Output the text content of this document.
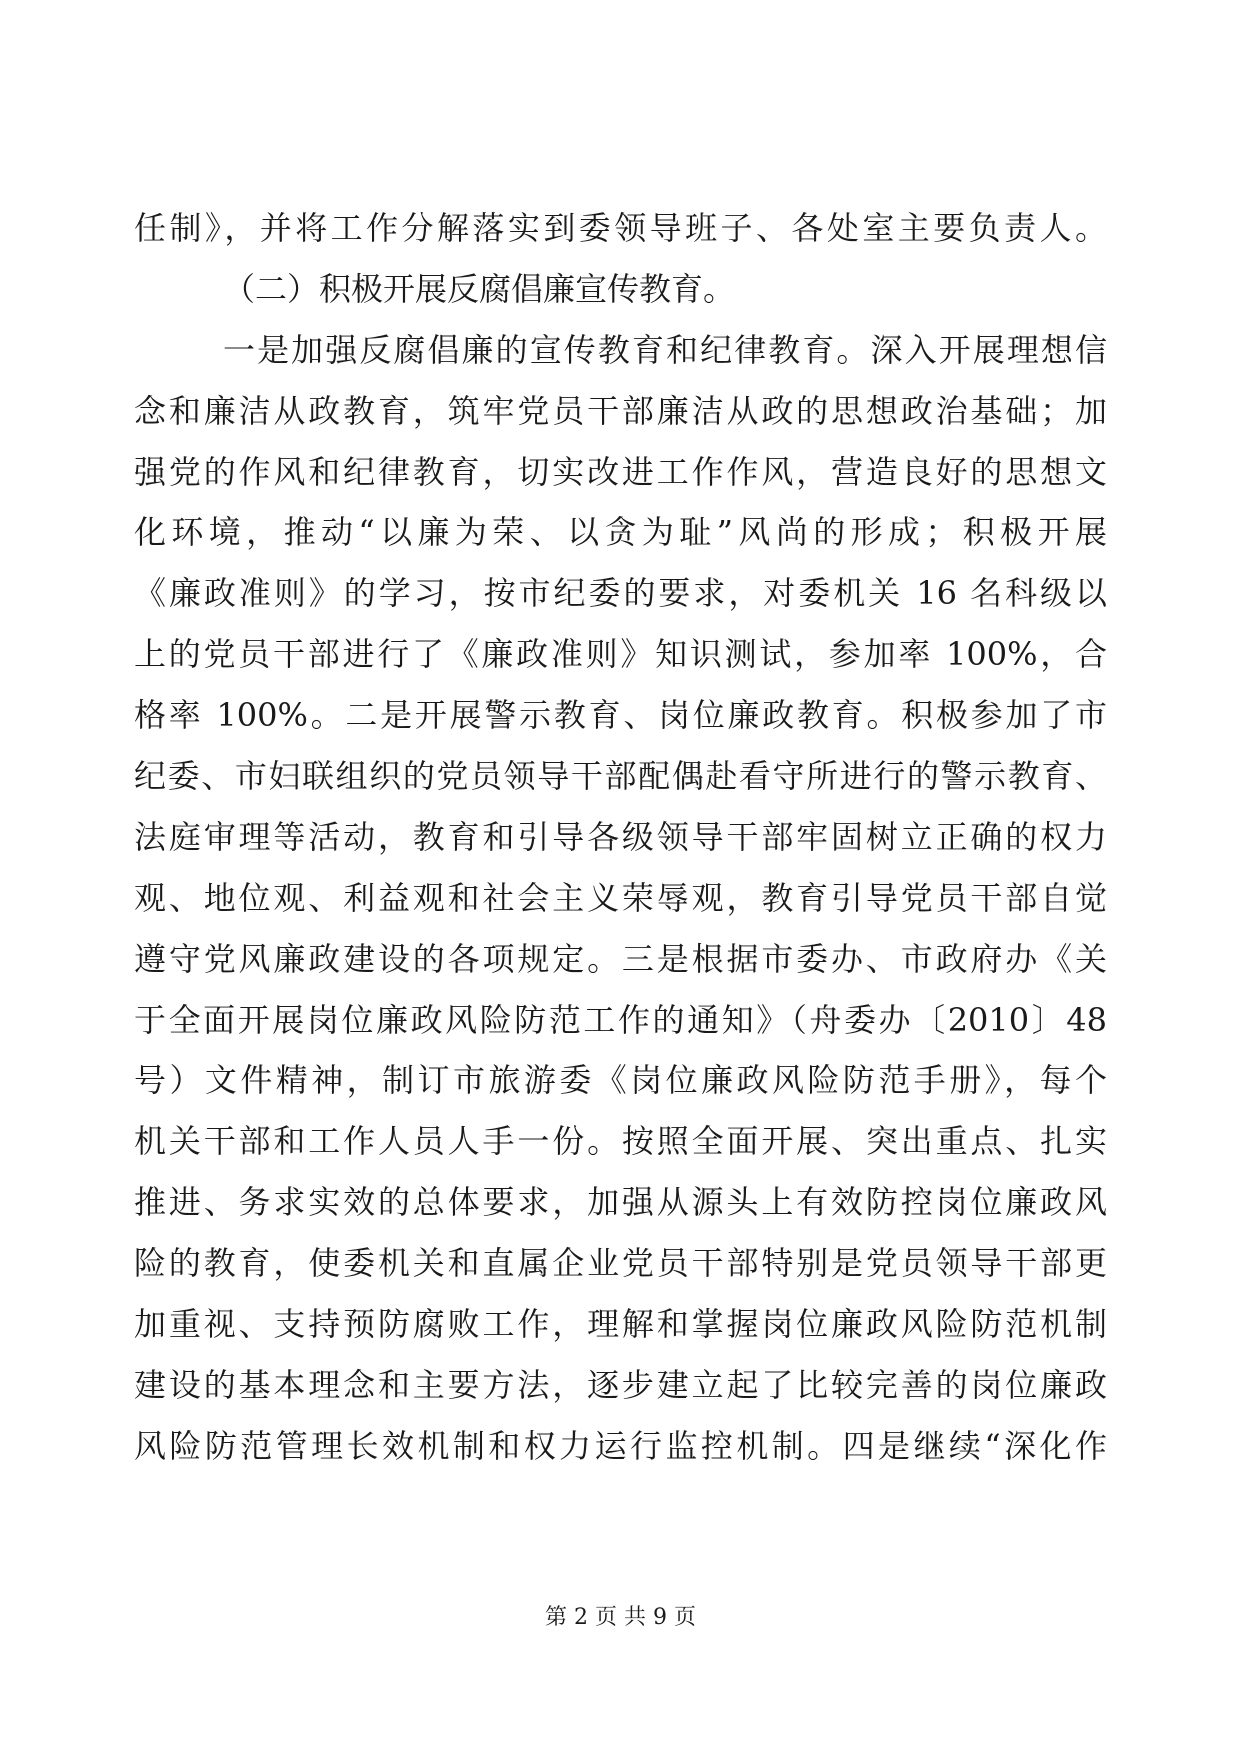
任制》，并将工作分解落实到委领导班子、各处室主要负责人。
（二）积极开展反腐倡廉宣传教育。
一是加强反腐倡廉的宣传教育和纪律教育。深入开展理想信
念和廉洁从政教育，筑牢党员干部廉洁从政的思想政治基础；加
强党的作风和纪律教育，切实改进工作作风，营造良好的思想文
化环境，推动“以廉为荣、以贪为耻”风尚的形成；积极开展
《廉政准则》的学习，按市纪委的要求，对委机关 16 名科级以
上的党员干部进行了《廉政准则》知识测试，参加率 100%，合
格率 100%。二是开展警示教育、岗位廉政教育。积极参加了市
纪委、市妇联组织的党员领导干部配偶赴看守所进行的警示教育、
法庭审理等活动，教育和引导各级领导干部牢固树立正确的权力
观、地位观、利益观和社会主义荣辱观，教育引导党员干部自觉
遵守党风廉政建设的各项规定。三是根据市委办、市政府办《关
于全面开展岗位廉政风险防范工作的通知》（舟委办〔2010〕48
号）文件精神，制订市旅游委《岗位廉政风险防范手册》，每个
机关干部和工作人员人手一份。按照全面开展、突出重点、扎实
推进、务求实效的总体要求，加强从源头上有效防控岗位廉政风
险的教育，使委机关和直属企业党员干部特别是党员领导干部更
加重视、支持预防腐败工作，理解和掌握岗位廉政风险防范机制
建设的基本理念和主要方法，逐步建立起了比较完善的岗位廉政
风险防范管理长效机制和权力运行监控机制。四是继续“深化作
第 2 页 共 9 页
